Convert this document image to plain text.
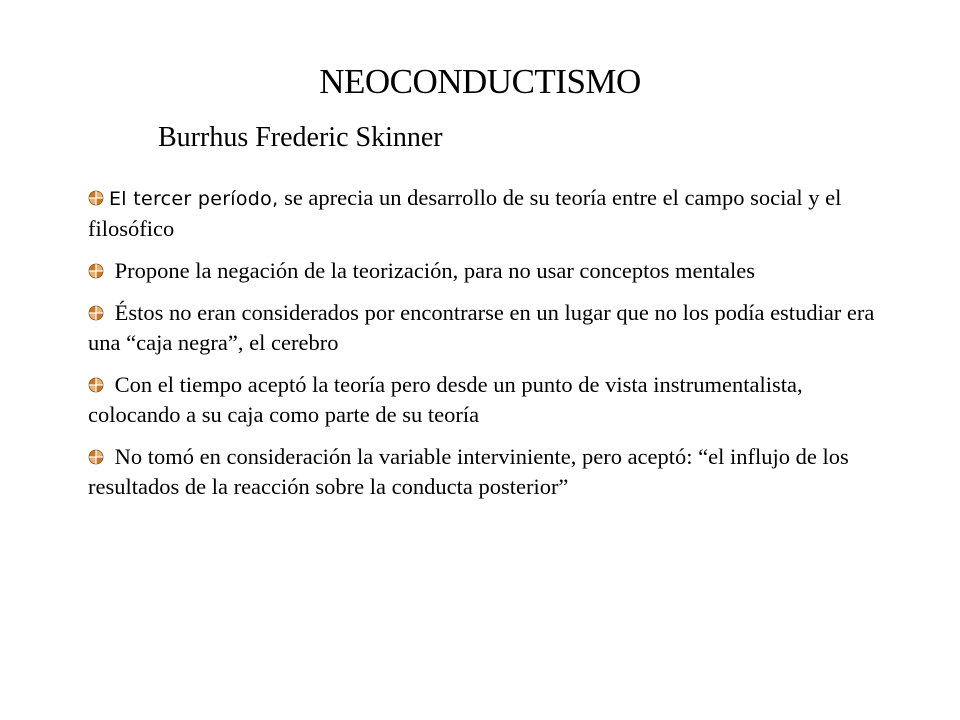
NEOCONDUCTISMO
Burrhus Frederic Skinner
El tercer período, se aprecia un desarrollo de su teoría entre el campo social y el filosófico
Propone la negación de la teorización, para no usar conceptos mentales
Éstos no eran considerados por encontrarse en un lugar que no los podía estudiar era una “caja negra”, el cerebro
Con el tiempo aceptó la teoría pero desde un punto de vista instrumentalista, colocando a su caja como parte de su teoría
No tomó en consideración la variable interviniente, pero aceptó: “el influjo de los resultados de la reacción sobre la conducta posterior”
